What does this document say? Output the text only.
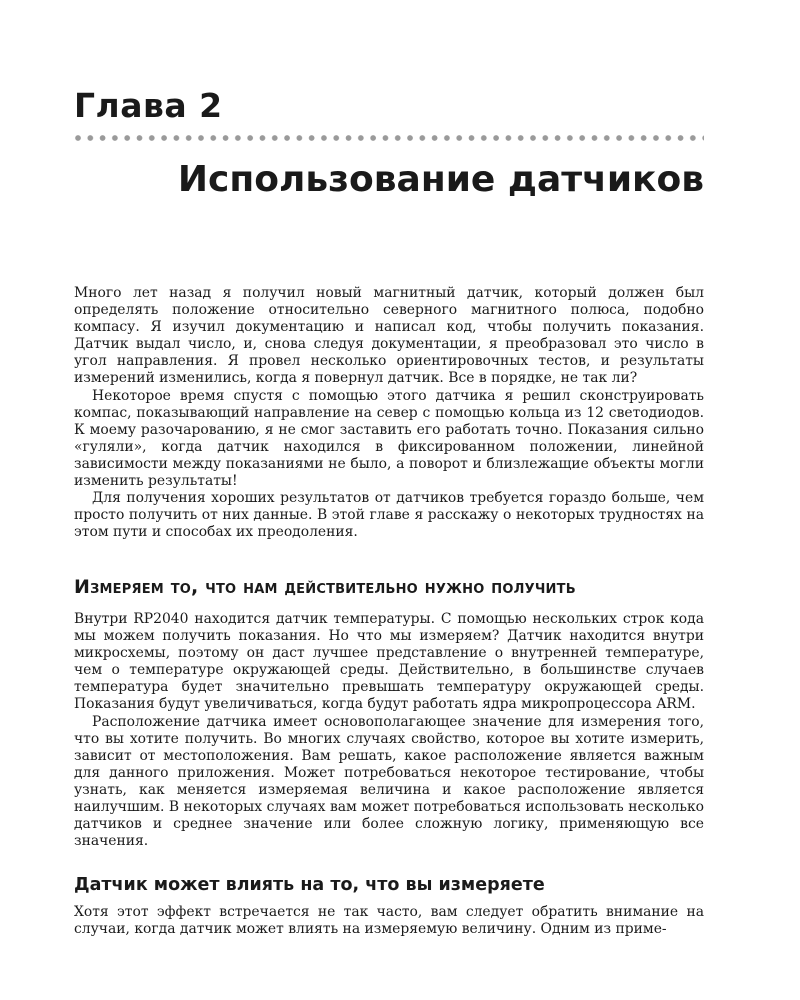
Глава 2
Использование датчиков

Много лет назад я получил новый магнитный датчик, который должен был определять положение относительно северного магнитного полюса, подобно компасу. Я изучил документацию и написал код, чтобы получить показания. Датчик выдал число, и, снова следуя документации, я преобразовал это число в угол направления. Я провел несколько ориентировочных тестов, и результаты измерений изменились, когда я повернул датчик. Все в порядке, не так ли?

Некоторое время спустя с помощью этого датчика я решил сконструировать компас, показывающий направление на север с помощью кольца из 12 светодиодов. К моему разочарованию, я не смог заставить его работать точно. Показания сильно «гуляли», когда датчик находился в фиксированном положении, линейной зависимости между показаниями не было, а поворот и близлежащие объекты могли изменить результаты!

Для получения хороших результатов от датчиков требуется гораздо больше, чем просто получить от них данные. В этой главе я расскажу о некоторых трудностях на этом пути и способах их преодоления.

Измеряем то, что нам действительно нужно получить

Внутри RP2040 находится датчик температуры. С помощью нескольких строк кода мы можем получить показания. Но что мы измеряем? Датчик находится внутри микросхемы, поэтому он даст лучшее представление о внутренней температуре, чем о температуре окружающей среды. Действительно, в большинстве случаев температура будет значительно превышать температуру окружающей среды. Показания будут увеличиваться, когда будут работать ядра микропроцессора ARM.

Расположение датчика имеет основополагающее значение для измерения того, что вы хотите получить. Во многих случаях свойство, которое вы хотите измерить, зависит от местоположения. Вам решать, какое расположение является важным для данного приложения. Может потребоваться некоторое тестирование, чтобы узнать, как меняется измеряемая величина и какое расположение является наилучшим. В некоторых случаях вам может потребоваться использовать несколько датчиков и среднее значение или более сложную логику, применяющую все значения.

Датчик может влиять на то, что вы измеряете

Хотя этот эффект встречается не так часто, вам следует обратить внимание на случаи, когда датчик может влиять на измеряемую величину. Одним из приме-
